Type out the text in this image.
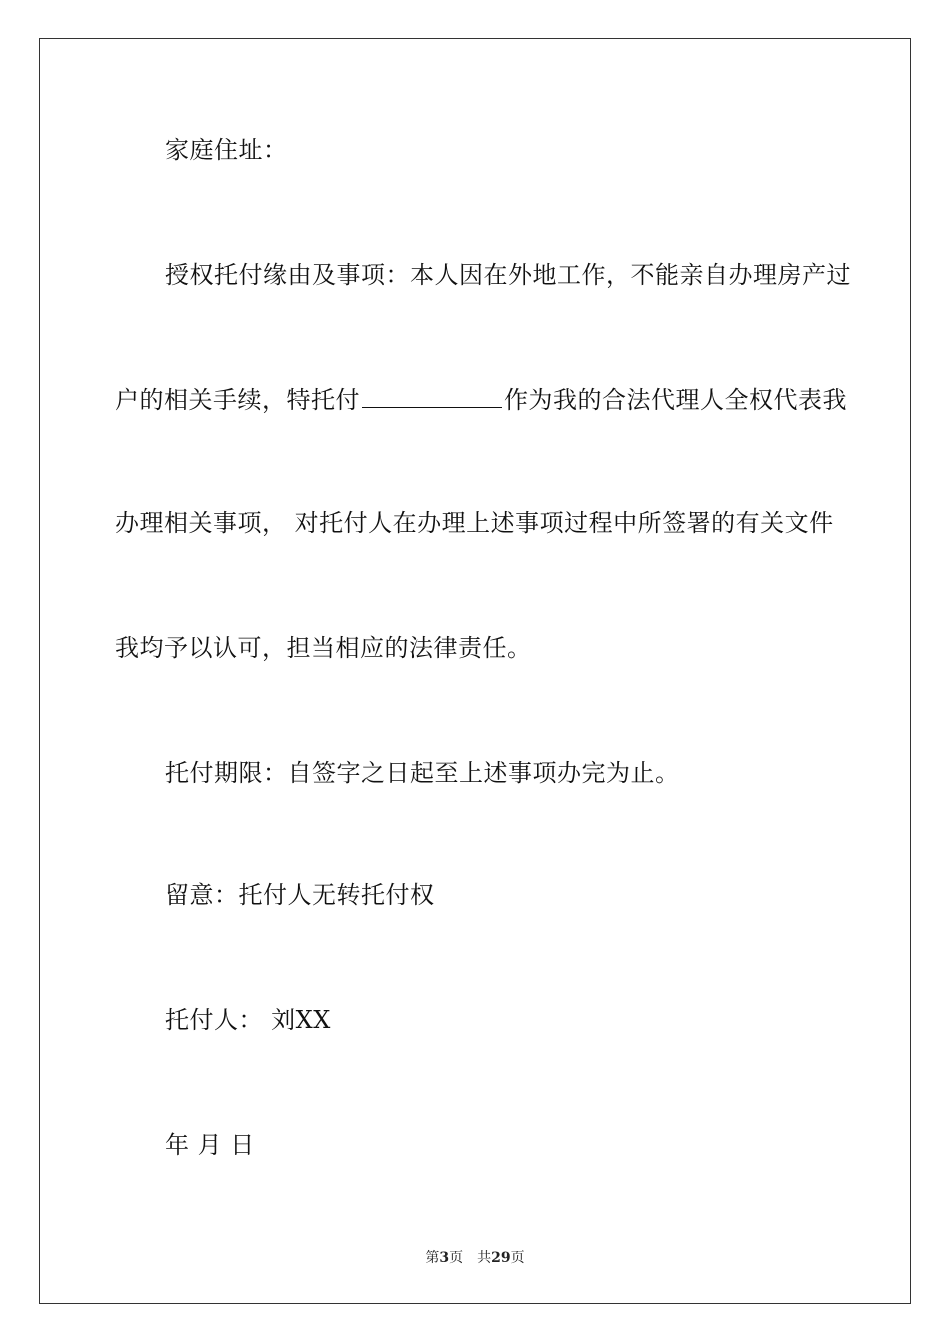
家庭住址：
授权托付缘由及事项：本人因在外地工作，不能亲自办理房产过
户的相关手续，特托付	作为我的合法代理人全权代表我
办理相关事项， 对托付人在办理上述事项过程中所签署的有关文件
我均予以认可，担当相应的法律责任。
托付期限：自签字之日起至上述事项办完为止。
留意：托付人无转托付权
托付人： 刘XX
年 月 日
第3页 共29页
